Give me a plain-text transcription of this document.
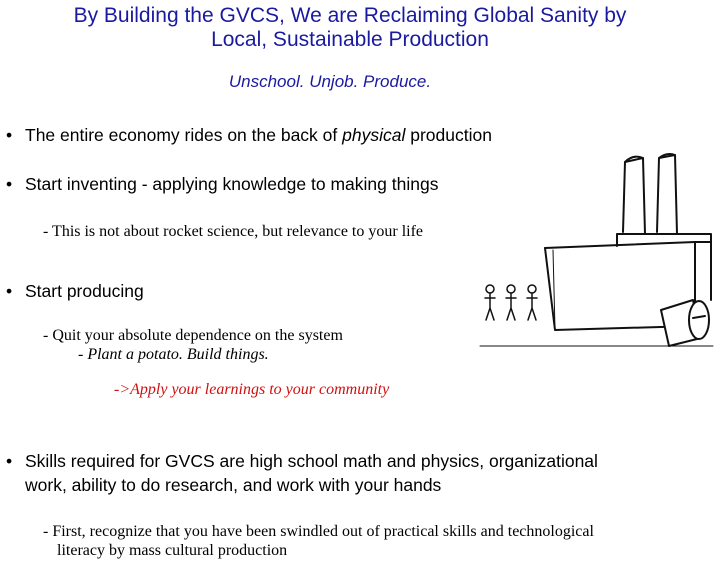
By Building the GVCS, We are Reclaiming Global Sanity by
Local, Sustainable Production
Unschool. Unjob. Produce.
• The entire economy rides on the back of physical production
• Start inventing - applying knowledge to making things
- This is not about rocket science, but relevance to your life
• Start producing
- Quit your absolute dependence on the system
- Plant a potato. Build things.
->Apply your learnings to your community
• Skills required for GVCS are high school math and physics, organizational
work, ability to do research, and work with your hands
- First, recognize that you have been swindled out of practical skills and technological
literacy by mass cultural production
